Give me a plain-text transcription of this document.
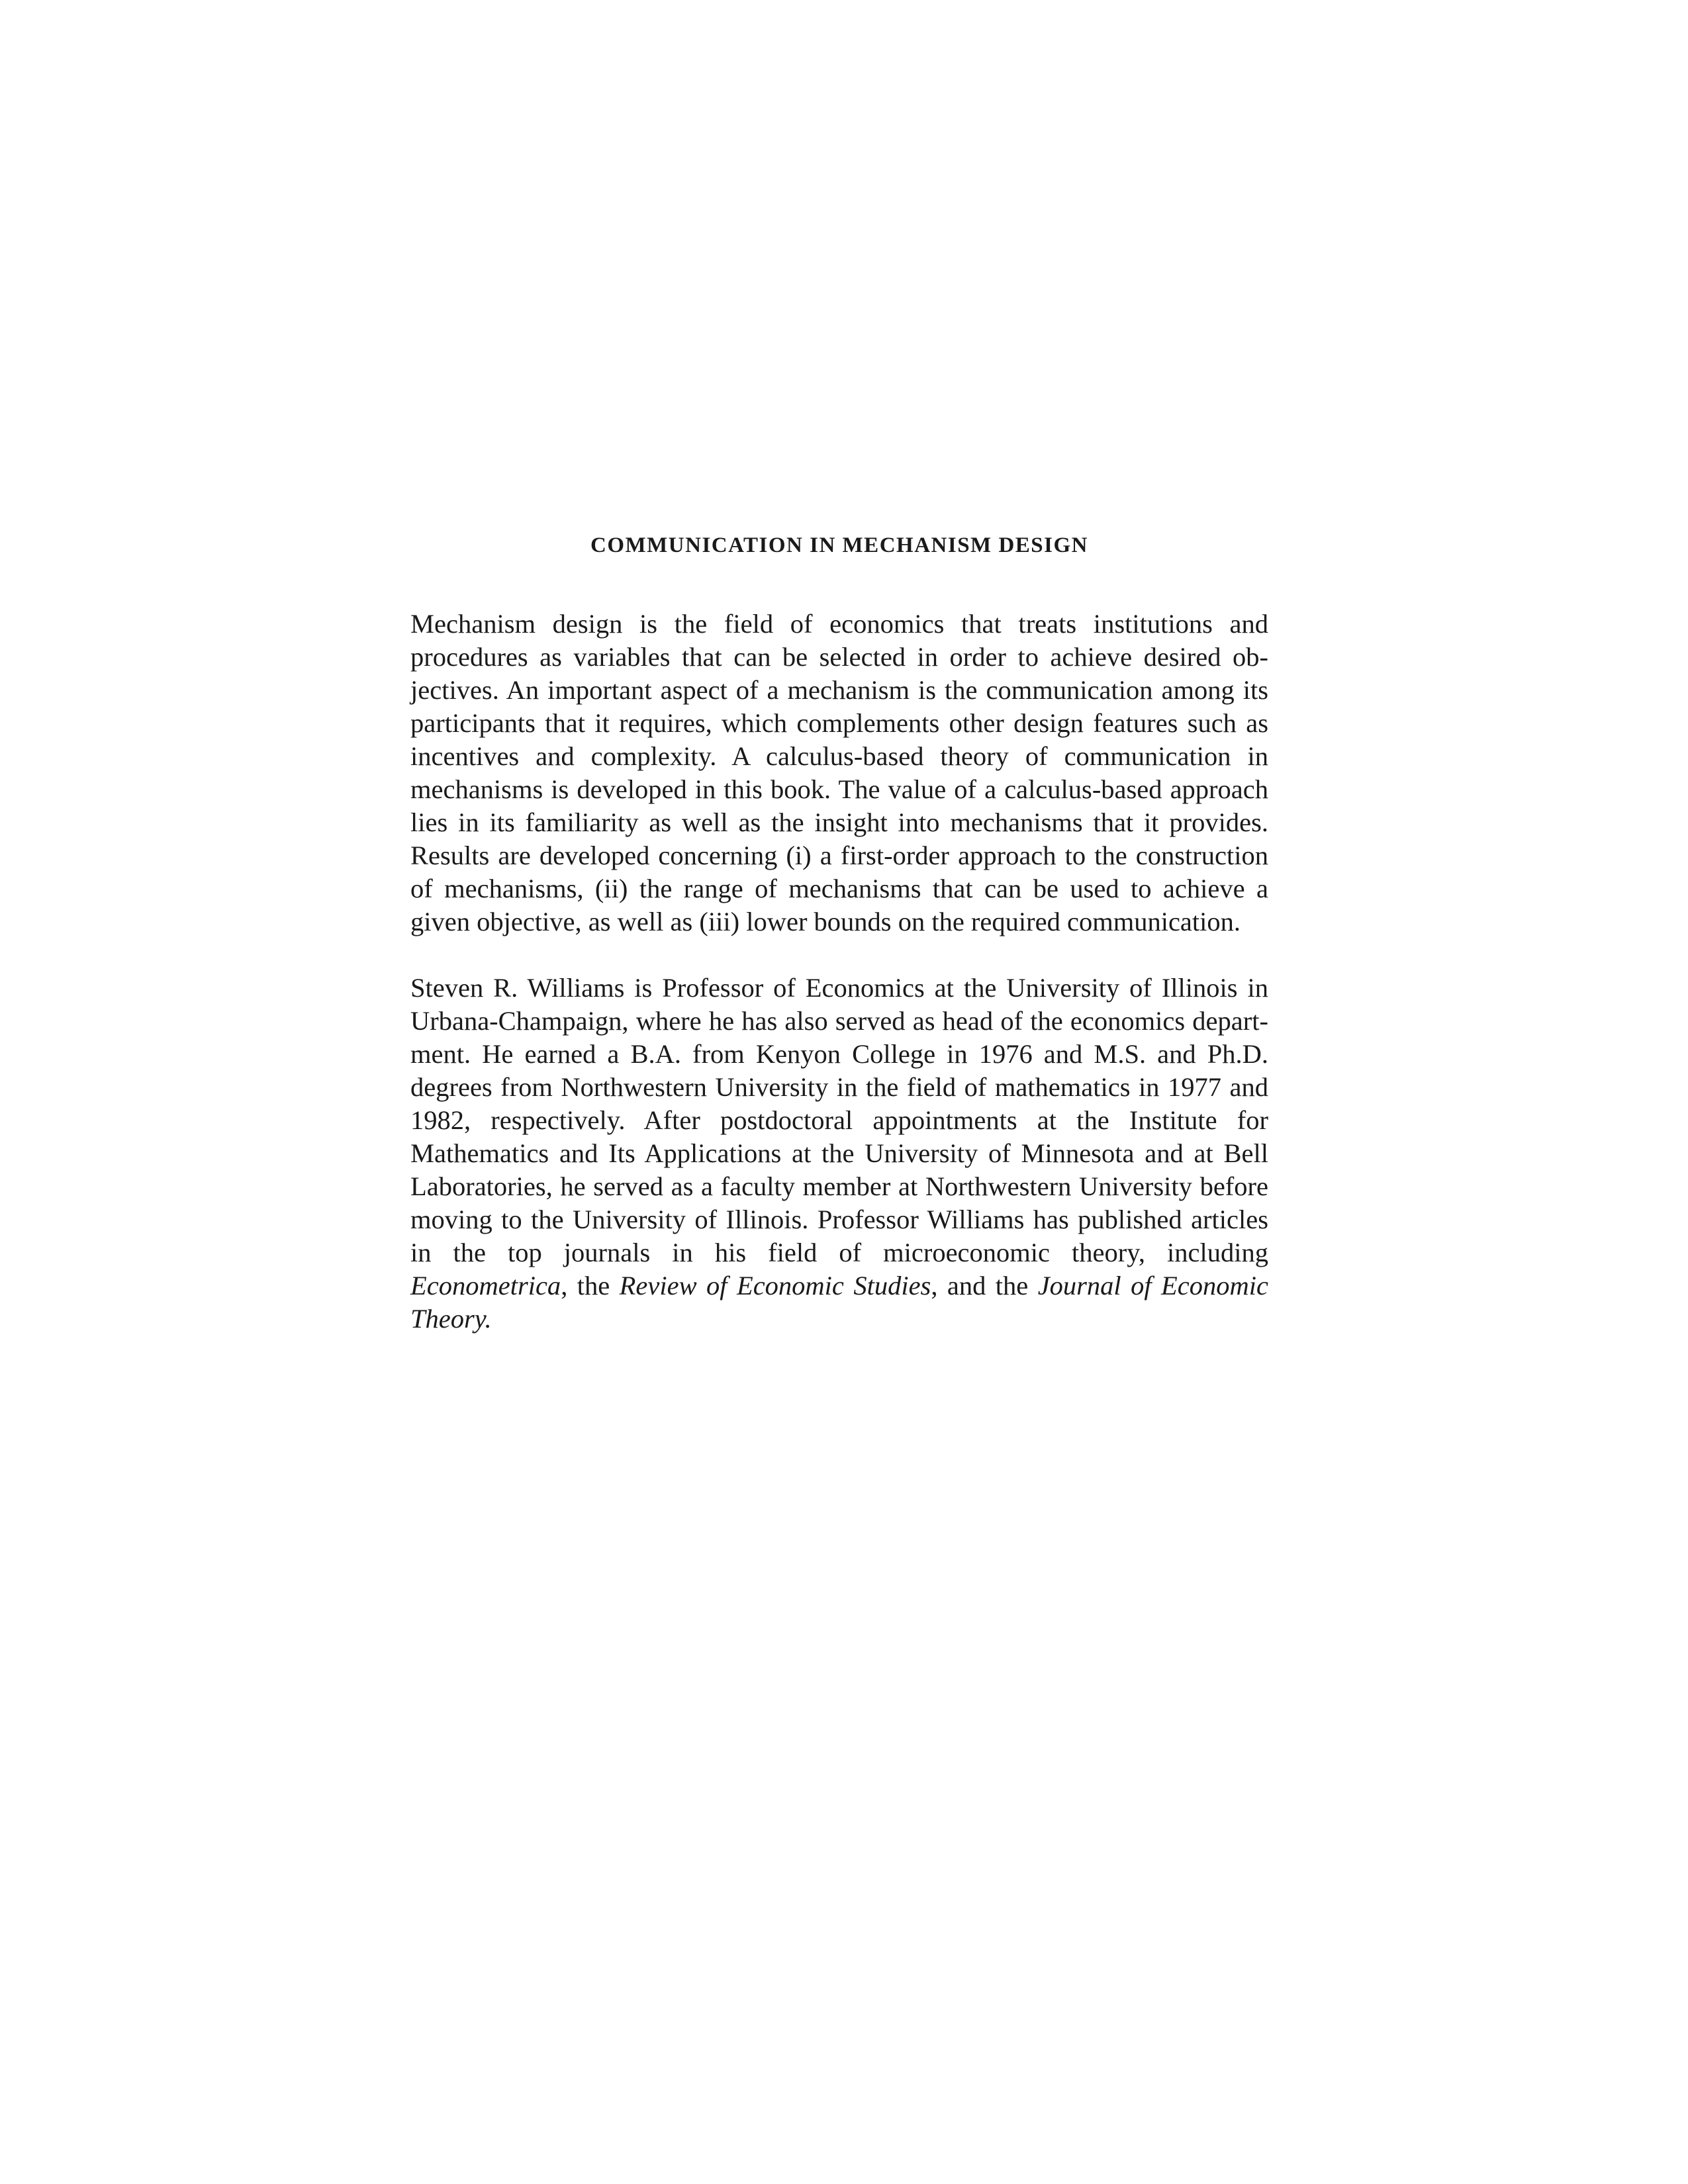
COMMUNICATION IN MECHANISM DESIGN

Mechanism design is the field of economics that treats institutions and procedures as variables that can be selected in order to achieve desired objectives. An important aspect of a mechanism is the communication among its participants that it requires, which complements other design features such as incentives and complexity. A calculus-based theory of communication in mechanisms is developed in this book. The value of a calculus-based approach lies in its familiarity as well as the insight into mechanisms that it provides. Results are developed concerning (i) a first-order approach to the construction of mechanisms, (ii) the range of mechanisms that can be used to achieve a given objective, as well as (iii) lower bounds on the required communication.

Steven R. Williams is Professor of Economics at the University of Illinois in Urbana-Champaign, where he has also served as head of the economics department. He earned a B.A. from Kenyon College in 1976 and M.S. and Ph.D. degrees from Northwestern University in the field of mathematics in 1977 and 1982, respectively. After postdoctoral appointments at the Institute for Mathematics and Its Applications at the University of Minnesota and at Bell Laboratories, he served as a faculty member at Northwestern University before moving to the University of Illinois. Professor Williams has published articles in the top journals in his field of microeconomic theory, including Econometrica, the Review of Economic Studies, and the Journal of Economic Theory.
